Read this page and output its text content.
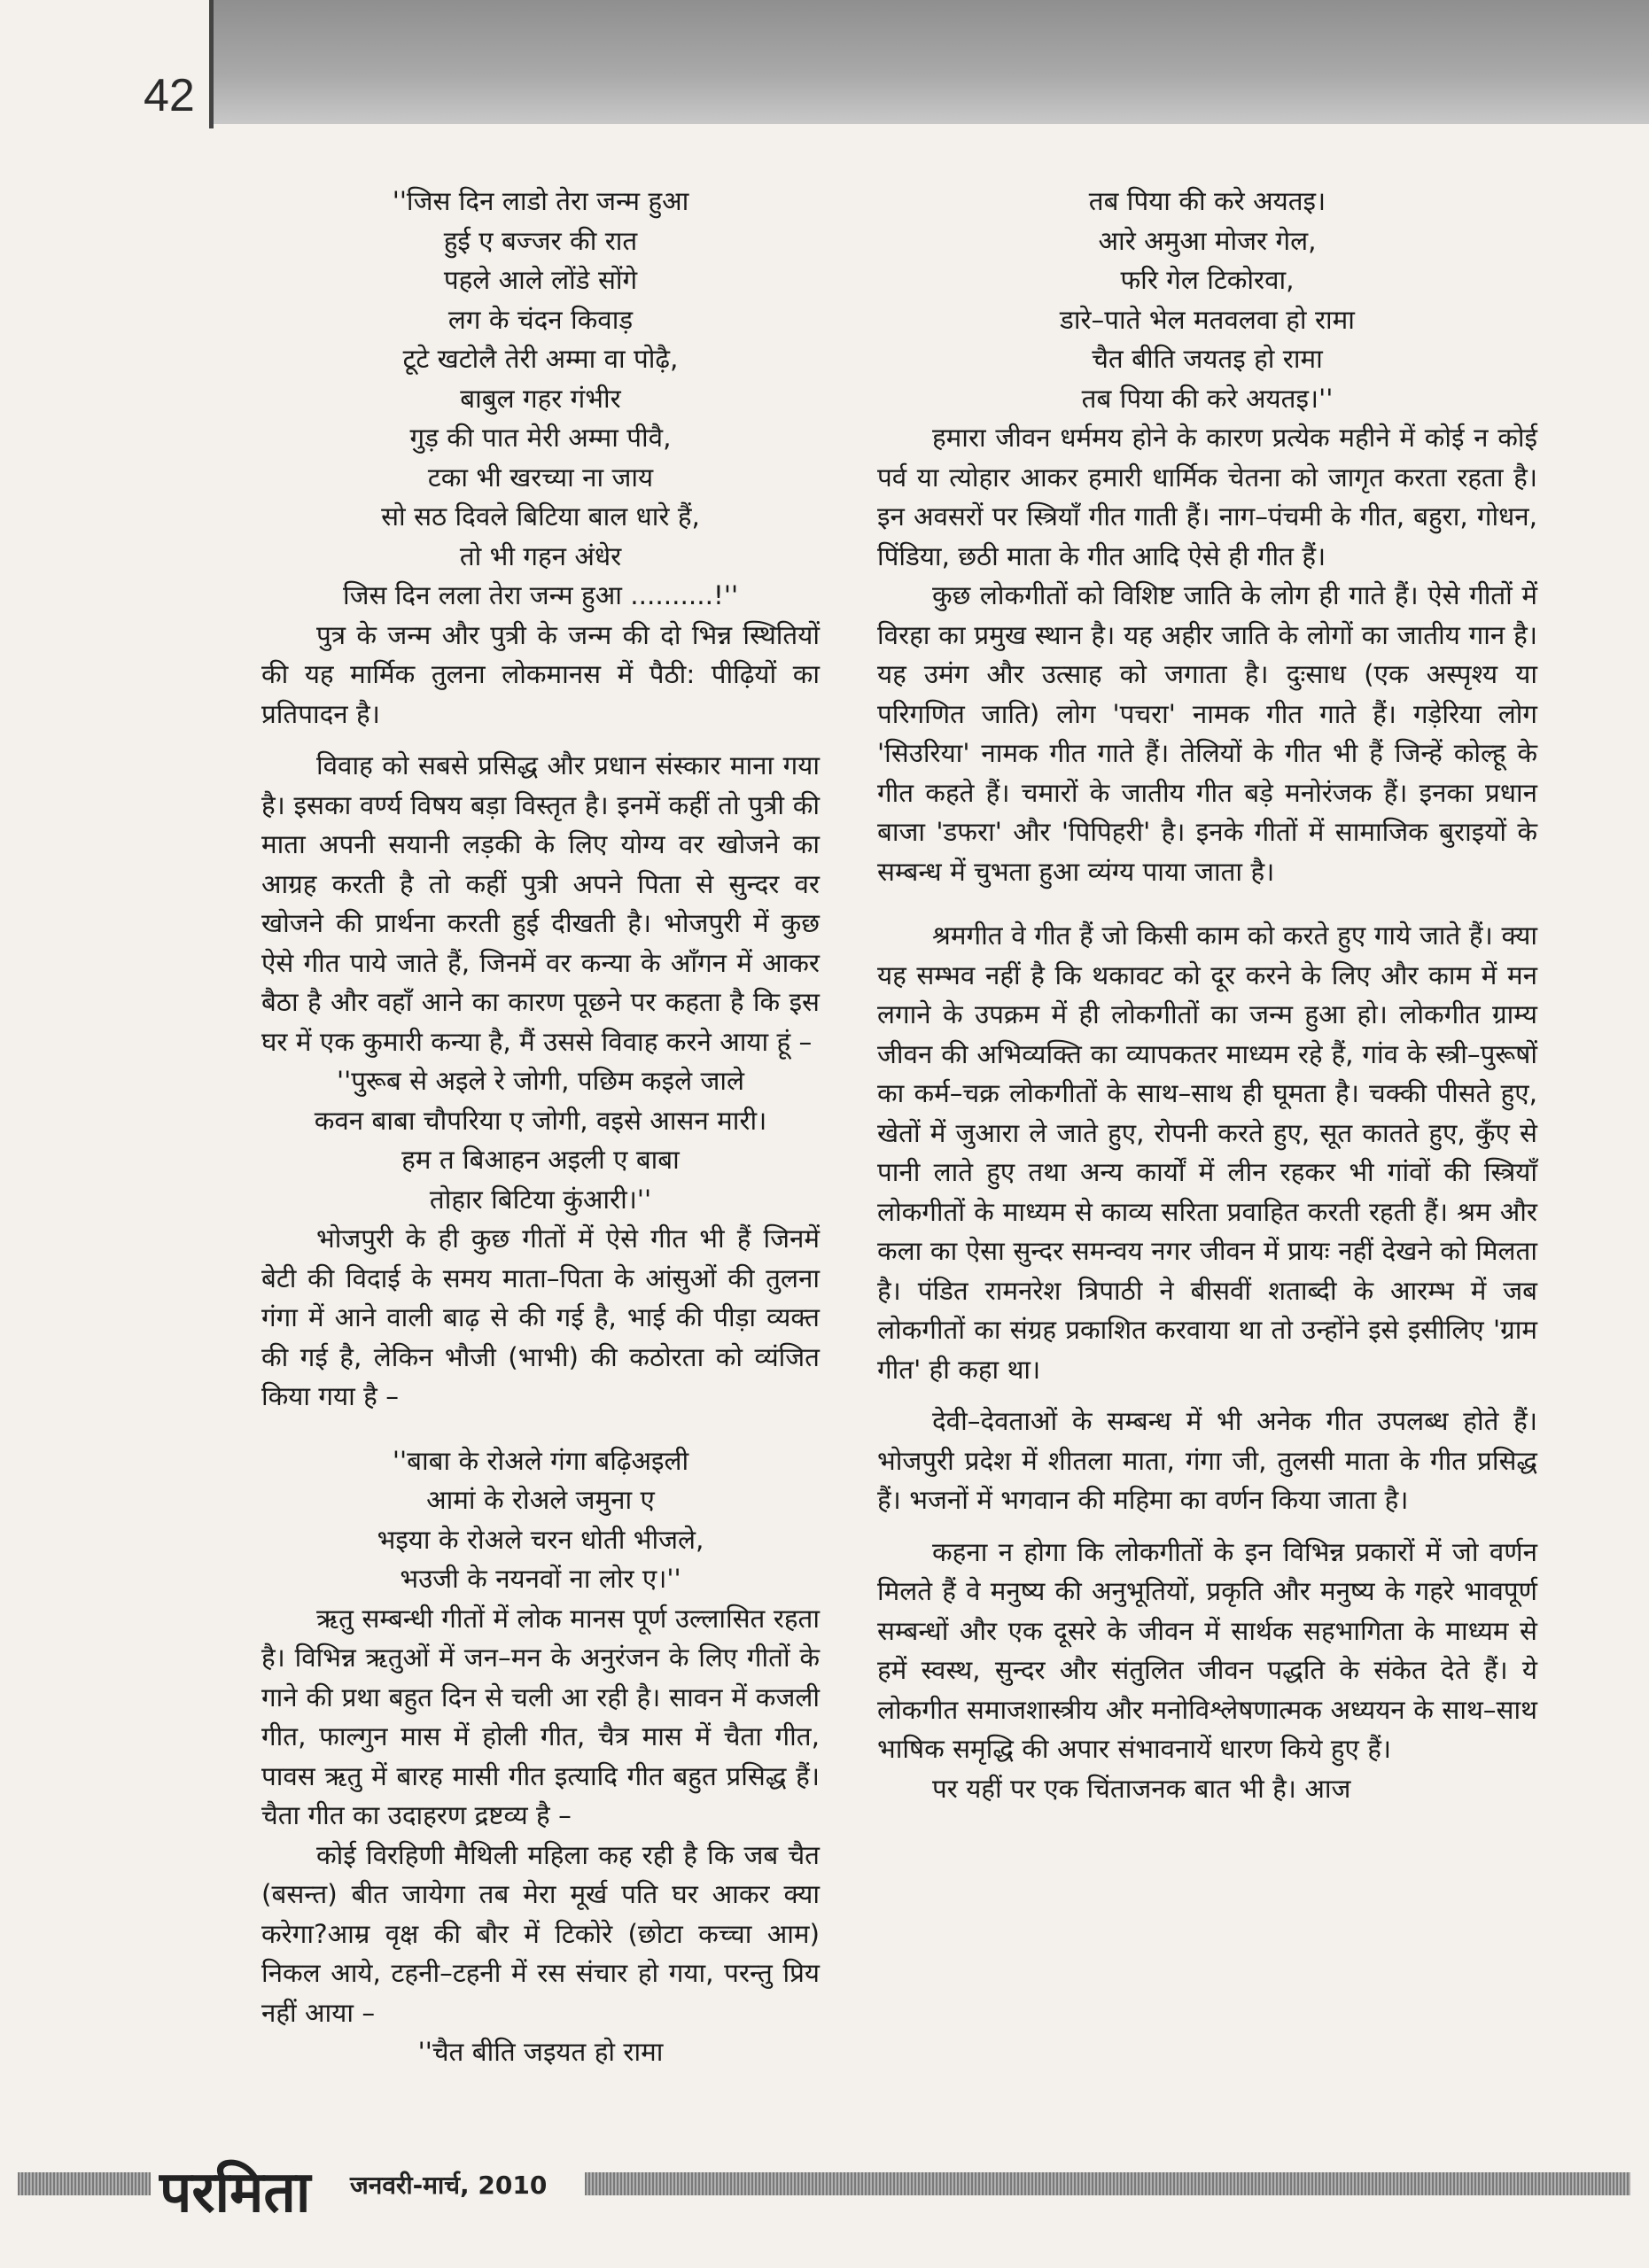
42
''जिस दिन लाडो तेरा जन्म हुआ
हुई ए बज्जर की रात
पहले आले लोंडे सोंगे
लग के चंदन किवाड़
टूटे खटोलै तेरी अम्मा वा पोढ़ै,
बाबुल गहर गंभीर
गुड़ की पात मेरी अम्मा पीवै,
टका भी खरच्या ना जाय
सो सठ दिवले बिटिया बाल धारे हैं,
तो भी गहन अंधेर
जिस दिन लला तेरा जन्म हुआ ..........!''

पुत्र के जन्म और पुत्री के जन्म की दो भिन्न स्थितियों की यह मार्मिक तुलना लोकमानस में पैठी: पीढ़ियों का प्रतिपादन है।

विवाह को सबसे प्रसिद्ध और प्रधान संस्कार माना गया है। इसका वर्ण्य विषय बड़ा विस्तृत है। इनमें कहीं तो पुत्री की माता अपनी सयानी लड़की के लिए योग्य वर खोजने का आग्रह करती है तो कहीं पुत्री अपने पिता से सुन्दर वर खोजने की प्रार्थना करती हुई दीखती है। भोजपुरी में कुछ ऐसे गीत पाये जाते हैं, जिनमें वर कन्या के आँगन में आकर बैठा है और वहाँ आने का कारण पूछने पर कहता है कि इस घर में एक कुमारी कन्या है, मैं उससे विवाह करने आया हूं –

''पुरूब से अइले रे जोगी, पछिम कइले जाले
कवन बाबा चौपरिया ए जोगी, वइसे आसन मारी।
हम त बिआहन अइली ए बाबा
तोहार बिटिया कुंआरी।''

भोजपुरी के ही कुछ गीतों में ऐसे गीत भी हैं जिनमें बेटी की विदाई के समय माता–पिता के आंसुओं की तुलना गंगा में आने वाली बाढ़ से की गई है, भाई की पीड़ा व्यक्त की गई है, लेकिन भौजी (भाभी) की कठोरता को व्यंजित किया गया है –

''बाबा के रोअले गंगा बढ़िअइली
आमां के रोअले जमुना ए
भइया के रोअले चरन धोती भीजले,
भउजी के नयनवों ना लोर ए।''

ऋतु सम्बन्धी गीतों में लोक मानस पूर्ण उल्लासित रहता है। विभिन्न ऋतुओं में जन–मन के अनुरंजन के लिए गीतों के गाने की प्रथा बहुत दिन से चली आ रही है। सावन में कजली गीत, फाल्गुन मास में होली गीत, चैत्र मास में चैता गीत, पावस ऋतु में बारह मासी गीत इत्यादि गीत बहुत प्रसिद्ध हैं। चैता गीत का उदाहरण द्रष्टव्य है –

कोई विरहिणी मैथिली महिला कह रही है कि जब चैत (बसन्त) बीत जायेगा तब मेरा मूर्ख पति घर आकर क्या करेगा?आम्र वृक्ष की बौर में टिकोरे (छोटा कच्चा आम) निकल आये, टहनी–टहनी में रस संचार हो गया, परन्तु प्रिय नहीं आया –

''चैत बीति जइयत हो रामा
तब पिया की करे अयतइ।
आरे अमुआ मोजर गेल,
फरि गेल टिकोरवा,
डारे–पाते भेल मतवलवा हो रामा
चैत बीति जयतइ हो रामा
तब पिया की करे अयतइ।''

हमारा जीवन धर्ममय होने के कारण प्रत्येक महीने में कोई न कोई पर्व या त्योहार आकर हमारी धार्मिक चेतना को जागृत करता रहता है। इन अवसरों पर स्त्रियाँ गीत गाती हैं। नाग–पंचमी के गीत, बहुरा, गोधन, पिंडिया, छठी माता के गीत आदि ऐसे ही गीत हैं।

कुछ लोकगीतों को विशिष्ट जाति के लोग ही गाते हैं। ऐसे गीतों में विरहा का प्रमुख स्थान है। यह अहीर जाति के लोगों का जातीय गान है। यह उमंग और उत्साह को जगाता है। दुःसाध (एक अस्पृश्य या परिगणित जाति) लोग 'पचरा' नामक गीत गाते हैं। गड़ेरिया लोग 'सिउरिया' नामक गीत गाते हैं। तेलियों के गीत भी हैं जिन्हें कोल्हू के गीत कहते हैं। चमारों के जातीय गीत बड़े मनोरंजक हैं। इनका प्रधान बाजा 'डफरा' और 'पिपिहरी' है। इनके गीतों में सामाजिक बुराइयों के सम्बन्ध में चुभता हुआ व्यंग्य पाया जाता है।

श्रमगीत वे गीत हैं जो किसी काम को करते हुए गाये जाते हैं। क्या यह सम्भव नहीं है कि थकावट को दूर करने के लिए और काम में मन लगाने के उपक्रम में ही लोकगीतों का जन्म हुआ हो। लोकगीत ग्राम्य जीवन की अभिव्यक्ति का व्यापकतर माध्यम रहे हैं, गांव के स्त्री–पुरूषों का कर्म–चक्र लोकगीतों के साथ–साथ ही घूमता है। चक्की पीसते हुए, खेतों में जुआरा ले जाते हुए, रोपनी करते हुए, सूत कातते हुए, कुँए से पानी लाते हुए तथा अन्य कार्यों में लीन रहकर भी गांवों की स्त्रियाँ लोकगीतों के माध्यम से काव्य सरिता प्रवाहित करती रहती हैं। श्रम और कला का ऐसा सुन्दर समन्वय नगर जीवन में प्रायः नहीं देखने को मिलता है। पंडित रामनरेश त्रिपाठी ने बीसवीं शताब्दी के आरम्भ में जब लोकगीतों का संग्रह प्रकाशित करवाया था तो उन्होंने इसे इसीलिए 'ग्राम गीत' ही कहा था।

देवी–देवताओं के सम्बन्ध में भी अनेक गीत उपलब्ध होते हैं। भोजपुरी प्रदेश में शीतला माता, गंगा जी, तुलसी माता के गीत प्रसिद्ध हैं। भजनों में भगवान की महिमा का वर्णन किया जाता है।

कहना न होगा कि लोकगीतों के इन विभिन्न प्रकारों में जो वर्णन मिलते हैं वे मनुष्य की अनुभूतियों, प्रकृति और मनुष्य के गहरे भावपूर्ण सम्बन्धों और एक दूसरे के जीवन में सार्थक सहभागिता के माध्यम से हमें स्वस्थ, सुन्दर और संतुलित जीवन पद्धति के संकेत देते हैं। ये लोकगीत समाजशास्त्रीय और मनोविश्लेषणात्मक अध्ययन के साथ–साथ भाषिक समृद्धि की अपार संभावनायें धारण किये हुए हैं।

पर यहीं पर एक चिंताजनक बात भी है। आज

परमिता जनवरी-मार्च, 2010
